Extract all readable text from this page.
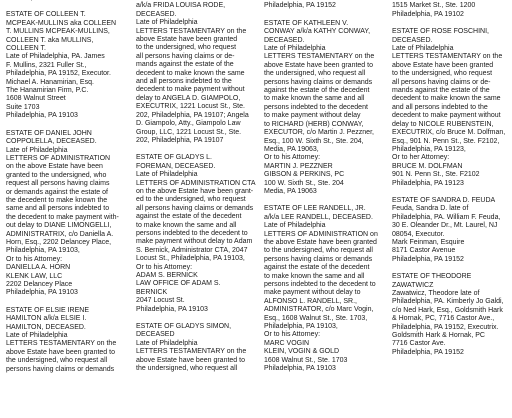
ESTATE OF COLLEEN T.
MCPEAK-MULLINS aka COLLEEN
T. MULLINS MCPEAK-MULLINS,
COLLEEN T. aka MULLINS,
COLLEEN T.
Late of Philadelphia, PA. James
F. Mullins, 2321 Fuller St.,
Philadelphia, PA 19152, Executor.
Michael A. Hanamirian, Esq.
The Hanamirian Firm, P.C.
1608 Walnut Street
Suite 1703
Philadelphia, PA 19103
ESTATE OF DANIEL JOHN
COPPOLELLA, DECEASED.
Late of Philadelphia
LETTERS OF ADMINISTRATION
on the above Estate have been
granted to the undersigned, who
request all persons having claims
or demands against the estate of
the decedent to make known the
same and all persons indebted to
the decedent to make payment with-
out delay to DIANE LIMONGELLI,
ADMINISTRATRIX, c/o Daniella A.
Horn, Esq., 2202 Delancey Place,
Philadelphia, PA 19103,
Or to his Attorney:
DANIELLA A. HORN
KLENK LAW, LLC
2202 Delancey Place
Philadelphia, PA 19103
ESTATE OF ELSIE IRENE
HAMILTON a/k/a ELSIE I.
HAMILTON, DECEASED.
Late of Philadelphia
LETTERS TESTAMENTARY on the
above Estate have been granted to
the undersigned, who request all
persons having claims or demands
a/k/a FRIDA LOUISA RODE,
DECEASED.
Late of Philadelphia
LETTERS TESTAMENTARY on the
above Estate have been granted
to the undersigned, who request
all persons having claims or de-
mands against the estate of the
decedent to make known the same
and all persons indebted to the
decedent to make payment without
delay to ANGELA D. GIAMPOLO,
EXECUTRIX, 1221 Locust St., Ste.
202, Philadelphia, PA 19107; Angela
D. Giampolo, Atty., Giampolo Law
Group, LLC, 1221 Locust St., Ste.
202, Philadelphia, PA 19107
ESTATE OF GLADYS L.
FOREMAN, DECEASED.
Late of Philadelphia
LETTERS OF ADMINISTRATION CTA
on the above Estate have been grant-
ed to the undersigned, who request
all persons having claims or demands
against the estate of the decedent
to make known the same and all
persons indebted to the decedent to
make payment without delay to Adam
S. Bernick, Administrator CTA, 2047
Locust St., Philadelphia, PA 19103,
Or to his Attorney:
ADAM S. BERNICK
LAW OFFICE OF ADAM S.
BERNICK
2047 Locust St.
Philadelphia, PA 19103
ESTATE OF GLADYS SIMON,
DECEASED
Late of Philadelphia
LETTERS TESTAMENTARY on the
above Estate have been granted to
the undersigned, who request all
Philadelphia, PA 19152
ESTATE OF KATHLEEN V.
CONWAY a/k/a KATHY CONWAY,
DECEASED.
Late of Philadelphia
LETTERS TESTAMENTARY on the
above Estate have been granted to
the undersigned, who request all
persons having claims or demands
against the estate of the decedent
to make known the same and all
persons indebted to the decedent
to make payment without delay
to RICHARD (HERB) CONWAY,
EXECUTOR, c/o Martin J. Pezzner,
Esq., 100 W. Sixth St., Ste. 204,
Media, PA 19063,
Or to his Attorney:
MARTIN J. PEZZNER
GIBSON & PERKINS, PC
100 W. Sixth St., Ste. 204
Media, PA 19063
ESTATE OF LEE RANDELL, JR.
a/k/a LEE RANDELL, DECEASED.
Late of Philadelphia
LETTERS OF ADMINISTRATION on
the above Estate have been granted
to the undersigned, who request all
persons having claims or demands
against the estate of the decedent
to make known the same and all
persons indebted to the decedent to
make payment without delay to
ALFONSO L. RANDELL, SR.,
ADMINISTRATOR, c/o Marc Vogin,
Esq., 1608 Walnut St., Ste. 1703,
Philadelphia, PA 19103,
Or to his Attorney:
MARC VOGIN
KLEIN, VOGIN & GOLD
1608 Walnut St., Ste. 1703
Philadelphia, PA 19103
1515 Market St., Ste. 1200
Philadelphia, PA 19102
ESTATE OF ROSE FOSCHINI,
DECEASED.
Late of Philadelphia
LETTERS TESTAMENTARY on the
above Estate have been granted
to the undersigned, who request
all persons having claims or de-
mands against the estate of the
decedent to make known the same
and all persons indebted to the
decedent to make payment without
delay to NICOLE RUBENSTEIN,
EXECUTRIX, c/o Bruce M. Dolfman,
Esq., 901 N. Penn St., Ste. F2102,
Philadelphia, PA 19123,
Or to her Attorney:
BRUCE M. DOLFMAN
901 N. Penn St., Ste. F2102
Philadelphia, PA 19123
ESTATE OF SANDRA D. FEUDA
Feuda, Sandra D. late of
Philadelphia, PA. William F. Feuda,
30 E. Oleander Dr., Mt. Laurel, NJ
08054, Executor.
Mark Feinman, Esquire
8171 Castor Avenue
Philadelphia, PA 19152
ESTATE OF THEODORE
ZAWATWICZ
Zawatwicz, Theodore late of
Philadelphia, PA. Kimberly Jo Galdi,
c/o Ned Hark, Esq., Goldsmith Hark
& Hornak, PC, 7716 Castor Ave.,
Philadelphia, PA 19152, Executrix.
Goldsmith Hark & Hornak, PC
7716 Castor Ave.
Philadelphia, PA 19152
